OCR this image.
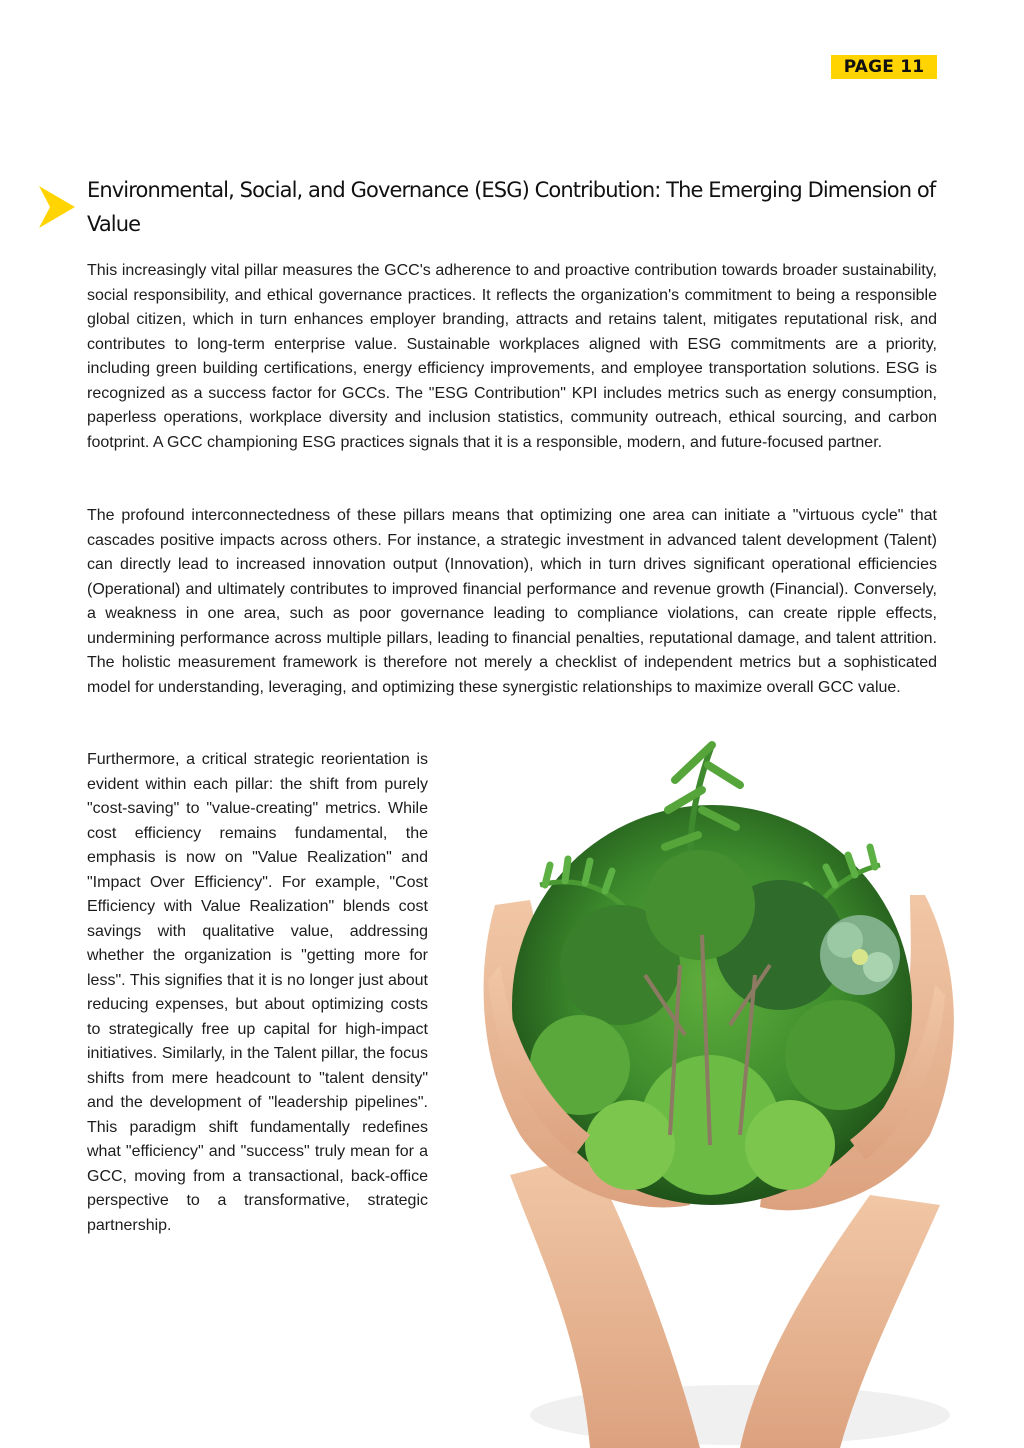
PAGE 11
Environmental, Social, and Governance (ESG) Contribution: The Emerging Dimension of Value

This increasingly vital pillar measures the GCC's adherence to and proactive contribution towards broader sustainability, social responsibility, and ethical governance practices. It reflects the organization's commitment to being a responsible global citizen, which in turn enhances employer branding, attracts and retains talent, mitigates reputational risk, and contributes to long-term enterprise value. Sustainable workplaces aligned with ESG commitments are a priority, including green building certifications, energy efficiency improvements, and employee transportation solutions. ESG is recognized as a success factor for GCCs. The "ESG Contribution" KPI includes metrics such as energy consumption, paperless operations, workplace diversity and inclusion statistics, community outreach, ethical sourcing, and carbon footprint. A GCC championing ESG practices signals that it is a responsible, modern, and future-focused partner.

The profound interconnectedness of these pillars means that optimizing one area can initiate a "virtuous cycle" that cascades positive impacts across others. For instance, a strategic investment in advanced talent development (Talent) can directly lead to increased innovation output (Innovation), which in turn drives significant operational efficiencies (Operational) and ultimately contributes to improved financial performance and revenue growth (Financial). Conversely, a weakness in one area, such as poor governance leading to compliance violations, can create ripple effects, undermining performance across multiple pillars, leading to financial penalties, reputational damage, and talent attrition. The holistic measurement framework is therefore not merely a checklist of independent metrics but a sophisticated model for understanding, leveraging, and optimizing these synergistic relationships to maximize overall GCC value.

Furthermore, a critical strategic reorientation is evident within each pillar: the shift from purely "cost-saving" to "value-creating" metrics. While cost efficiency remains fundamental, the emphasis is now on "Value Realization" and "Impact Over Efficiency". For example, "Cost Efficiency with Value Realization" blends cost savings with qualitative value, addressing whether the organization is "getting more for less". This signifies that it is no longer just about reducing expenses, but about optimizing costs to strategically free up capital for high-impact initiatives. Similarly, in the Talent pillar, the focus shifts from mere headcount to "talent density" and the development of "leadership pipelines". This paradigm shift fundamentally redefines what "efficiency" and "success" truly mean for a GCC, moving from a transactional, back-office perspective to a transformative, strategic partnership.
